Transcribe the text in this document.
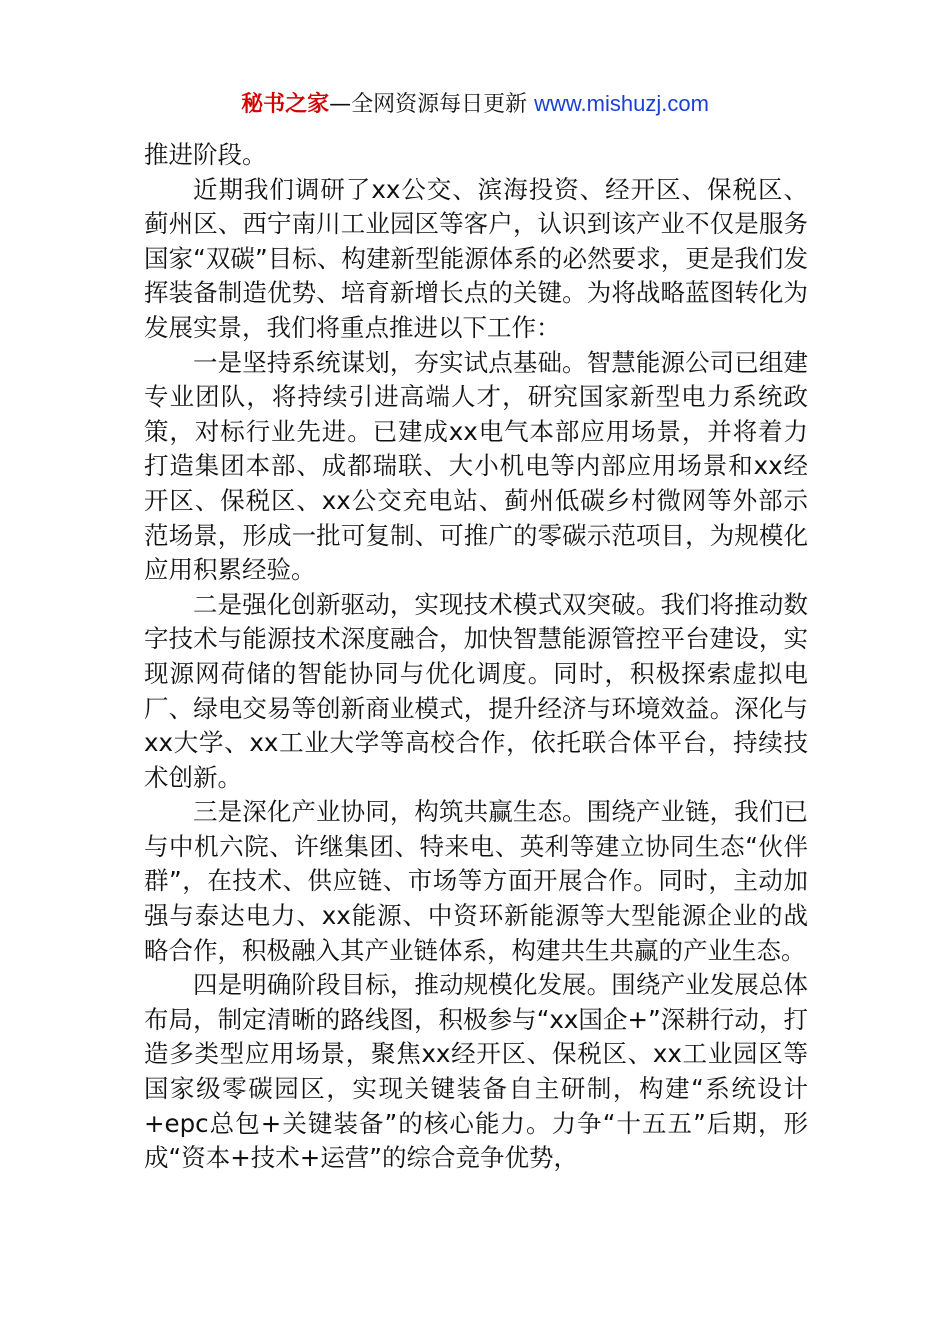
秘书之家—全网资源每日更新 www.mishuzj.com

推进阶段。

近期我们调研了xx公交、滨海投资、经开区、保税区、蓟州区、西宁南川工业园区等客户，认识到该产业不仅是服务国家“双碳”目标、构建新型能源体系的必然要求，更是我们发挥装备制造优势、培育新增长点的关键。为将战略蓝图转化为发展实景，我们将重点推进以下工作：

一是坚持系统谋划，夯实试点基础。智慧能源公司已组建专业团队，将持续引进高端人才，研究国家新型电力系统政策，对标行业先进。已建成xx电气本部应用场景，并将着力打造集团本部、成都瑞联、大小机电等内部应用场景和xx经开区、保税区、xx公交充电站、蓟州低碳乡村微网等外部示范场景，形成一批可复制、可推广的零碳示范项目，为规模化应用积累经验。

二是强化创新驱动，实现技术模式双突破。我们将推动数字技术与能源技术深度融合，加快智慧能源管控平台建设，实现源网荷储的智能协同与优化调度。同时，积极探索虚拟电厂、绿电交易等创新商业模式，提升经济与环境效益。深化与xx大学、xx工业大学等高校合作，依托联合体平台，持续技术创新。

三是深化产业协同，构筑共赢生态。围绕产业链，我们已与中机六院、许继集团、特来电、英利等建立协同生态“伙伴群”，在技术、供应链、市场等方面开展合作。同时，主动加强与泰达电力、xx能源、中资环新能源等大型能源企业的战略合作，积极融入其产业链体系，构建共生共赢的产业生态。

四是明确阶段目标，推动规模化发展。围绕产业发展总体布局，制定清晰的路线图，积极参与“xx国企+”深耕行动，打造多类型应用场景，聚焦xx经开区、保税区、xx工业园区等国家级零碳园区，实现关键装备自主研制，构建“系统设计+epc总包+关键装备”的核心能力。力争“十五五”后期，形成“资本+技术+运营”的综合竞争优势，
